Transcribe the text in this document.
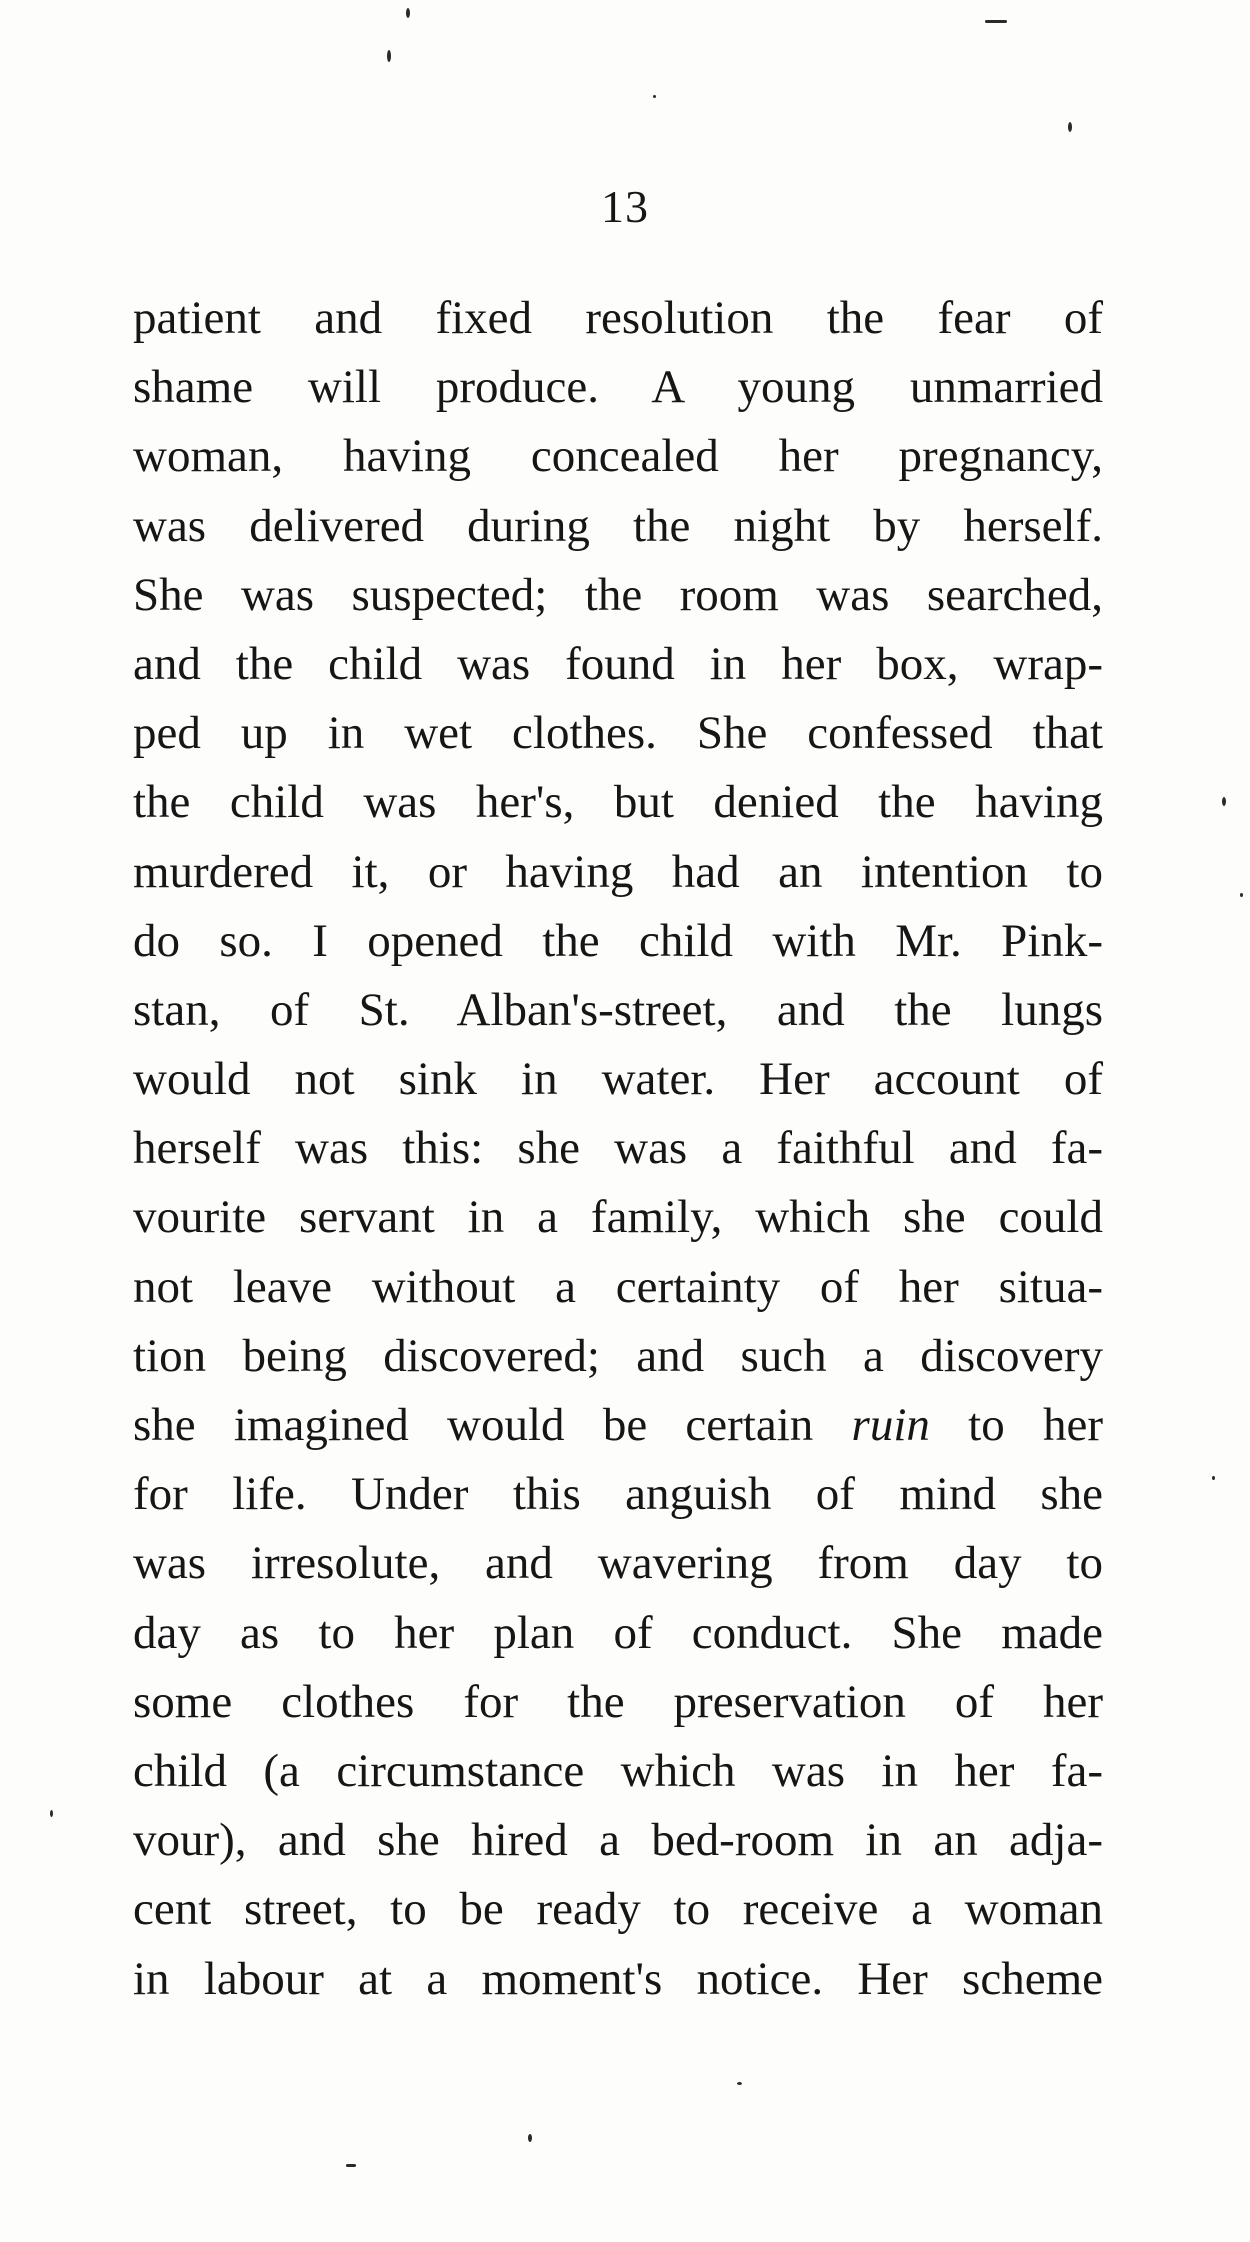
13
patient and fixed resolution the fear of
shame will produce. A young unmarried
woman, having concealed her pregnancy,
was delivered during the night by herself.
She was suspected; the room was searched,
and the child was found in her box, wrap-
ped up in wet clothes. She confessed that
the child was her's, but denied the having
murdered it, or having had an intention to
do so. I opened the child with Mr. Pink-
stan, of St. Alban's-street, and the lungs
would not sink in water. Her account of
herself was this: she was a faithful and fa-
vourite servant in a family, which she could
not leave without a certainty of her situa-
tion being discovered; and such a discovery
she imagined would be certain ruin to her
for life. Under this anguish of mind she
was irresolute, and wavering from day to
day as to her plan of conduct. She made
some clothes for the preservation of her
child (a circumstance which was in her fa-
vour), and she hired a bed-room in an adja-
cent street, to be ready to receive a woman
in labour at a moment's notice. Her scheme
